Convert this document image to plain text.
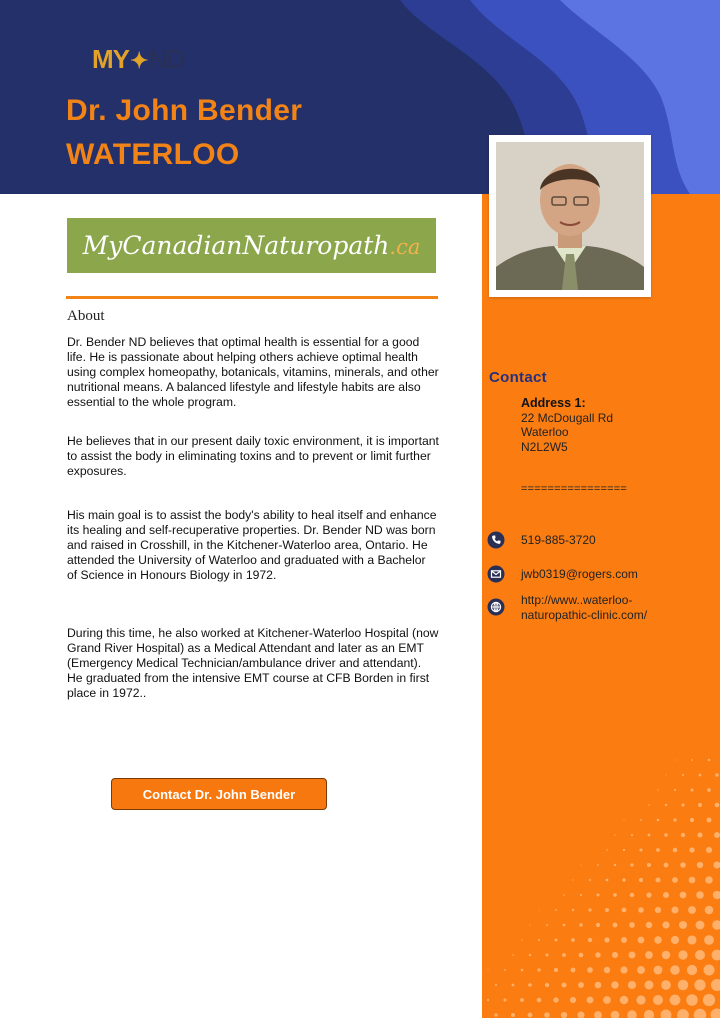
MY✦ND
Dr. John Bender
WATERLOO
MyCanadianNaturopath.ca
About

Dr. Bender ND believes that optimal health is essential for a good life. He is passionate about helping others achieve optimal health using complex homeopathy, botanicals, vitamins, minerals, and other nutritional means. A balanced lifestyle and lifestyle habits are also essential to the whole program.

He believes that in our present daily toxic environment, it is important to assist the body in eliminating toxins and to prevent or limit further exposures.

His main goal is to assist the body's ability to heal itself and enhance its healing and self-recuperative properties. Dr. Bender ND was born and raised in Crosshill, in the Kitchener-Waterloo area, Ontario. He attended the University of Waterloo and graduated with a Bachelor of Science in Honours Biology in 1972.

During this time, he also worked at Kitchener-Waterloo Hospital (now Grand River Hospital) as a Medical Attendant and later as an EMT (Emergency Medical Technician/ambulance driver and attendant). He graduated from the intensive EMT course at CFB Borden in first place in 1972..

Contact Dr. John Bender
Contact
Address 1:
22 McDougall Rd
Waterloo
N2L2W5
================
519-885-3720
jwb0319@rogers.com
http://www..waterloo-
naturopathic-clinic.com/
